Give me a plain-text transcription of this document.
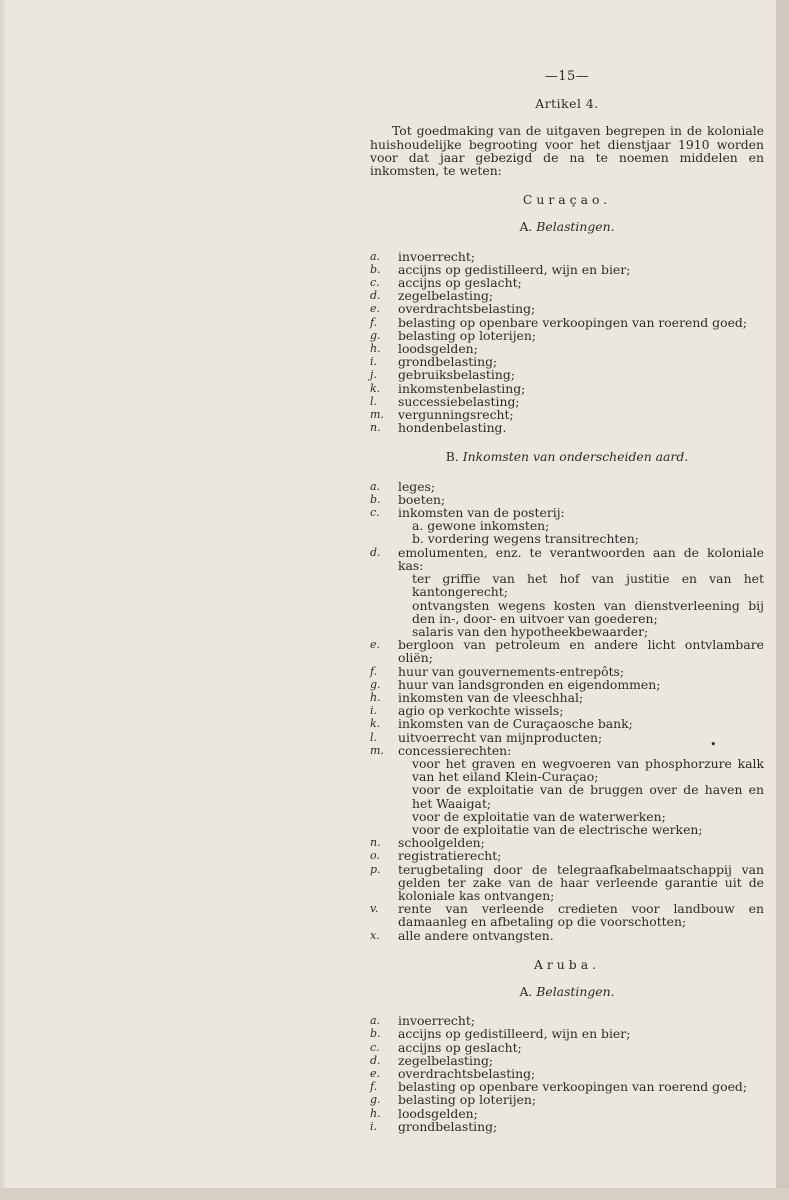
—15—
Artikel 4.

Tot goedmaking van de uitgaven begrepen in de koloniale huishoudelijke begrooting voor het dienstjaar 1910 worden voor dat jaar gebezigd de na te noemen middelen en inkomsten, te weten:

Curaçao.
A. Belastingen.
a.	invoerrecht;
b.	accijns op gedistilleerd, wijn en bier;
c.	accijns op geslacht;
d.	zegelbelasting;
e.	overdrachtsbelasting;
f.	belasting op openbare verkoopingen van roerend goed;
g.	belasting op loterijen;
h.	loodsgelden;
i.	grondbelasting;
j.	gebruiksbelasting;
k.	inkomstenbelasting;
l.	successiebelasting;
m.	vergunningsrecht;
n.	hondenbelasting.
B. Inkomsten van onderscheiden aard.
a.	leges;
b.	boeten;
c.	inkomsten van de posterij:
a. gewone inkomsten;
b. vordering wegens transitrechten;
d.	emolumenten, enz. te verantwoorden aan de koloniale kas:
ter griffie van het hof van justitie en van het kantongerecht;
ontvangsten wegens kosten van dienstverleening bij den in-, door- en uitvoer van goederen;
salaris van den hypotheekbewaarder;
e.	bergloon van petroleum en andere licht ontvlambare oliën;
f.	huur van gouvernements-entrepôts;
g.	huur van landsgronden en eigendommen;
h.	inkomsten van de vleeschhal;
i.	agio op verkochte wissels;
k.	inkomsten van de Curaçaosche bank;
l.	uitvoerrecht van mijnproducten;
m.	concessierechten:
voor het graven en wegvoeren van phosphorzure kalk van het eiland Klein-Curaçao;
voor de exploitatie van de bruggen over de haven en het Waaigat;
voor de exploitatie van de waterwerken;
voor de exploitatie van de electrische werken;
n.	schoolgelden;
o.	registratierecht;
p.	terugbetaling door de telegraafkabelmaatschappij van gelden ter zake van de haar verleende garantie uit de koloniale kas ontvangen;
v.	rente van verleende credieten voor landbouw en damaanleg en afbetaling op die voorschotten;
x.	alle andere ontvangsten.
Aruba.
A. Belastingen.
a.	invoerrecht;
b.	accijns op gedistilleerd, wijn en bier;
c.	accijns op geslacht;
d.	zegelbelasting;
e.	overdrachtsbelasting;
f.	belasting op openbare verkoopingen van roerend goed;
g.	belasting op loterijen;
h.	loodsgelden;
i.	grondbelasting;
•
